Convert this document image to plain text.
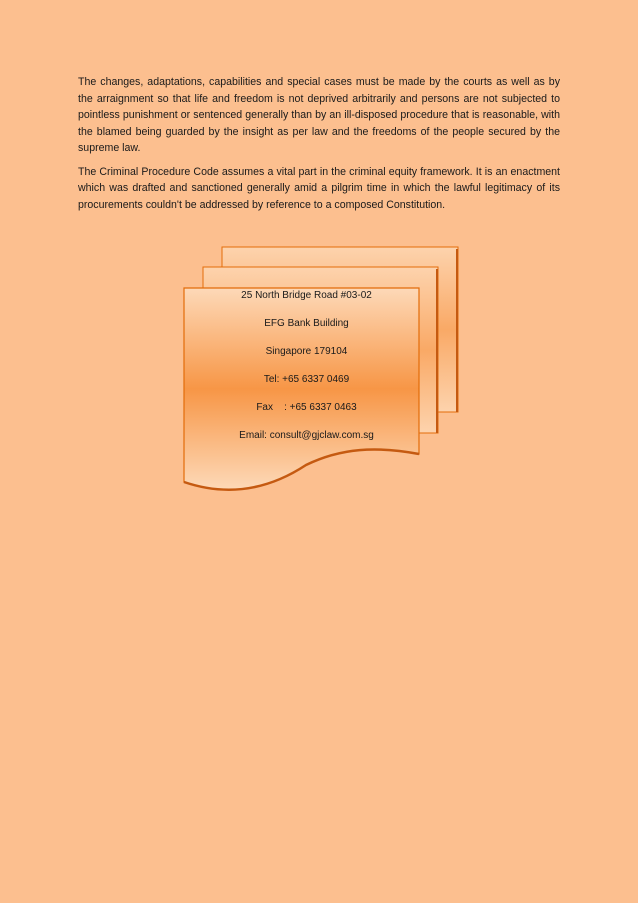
The changes, adaptations, capabilities and special cases must be made by the courts as well as by the arraignment so that life and freedom is not deprived arbitrarily and persons are not subjected to pointless punishment or sentenced generally than by an ill-disposed procedure that is reasonable, with the blamed being guarded by the insight as per law and the freedoms of the people secured by the supreme law.

The Criminal Procedure Code assumes a vital part in the criminal equity framework. It is an enactment which was drafted and sanctioned generally amid a pilgrim time in which the lawful legitimacy of its procurements couldn't be addressed by reference to a composed Constitution.

25 North Bridge Road #03-02
EFG Bank Building
Singapore 179104
Tel: +65 6337 0469
Fax    : +65 6337 0463
Email: consult@gjclaw.com.sg
